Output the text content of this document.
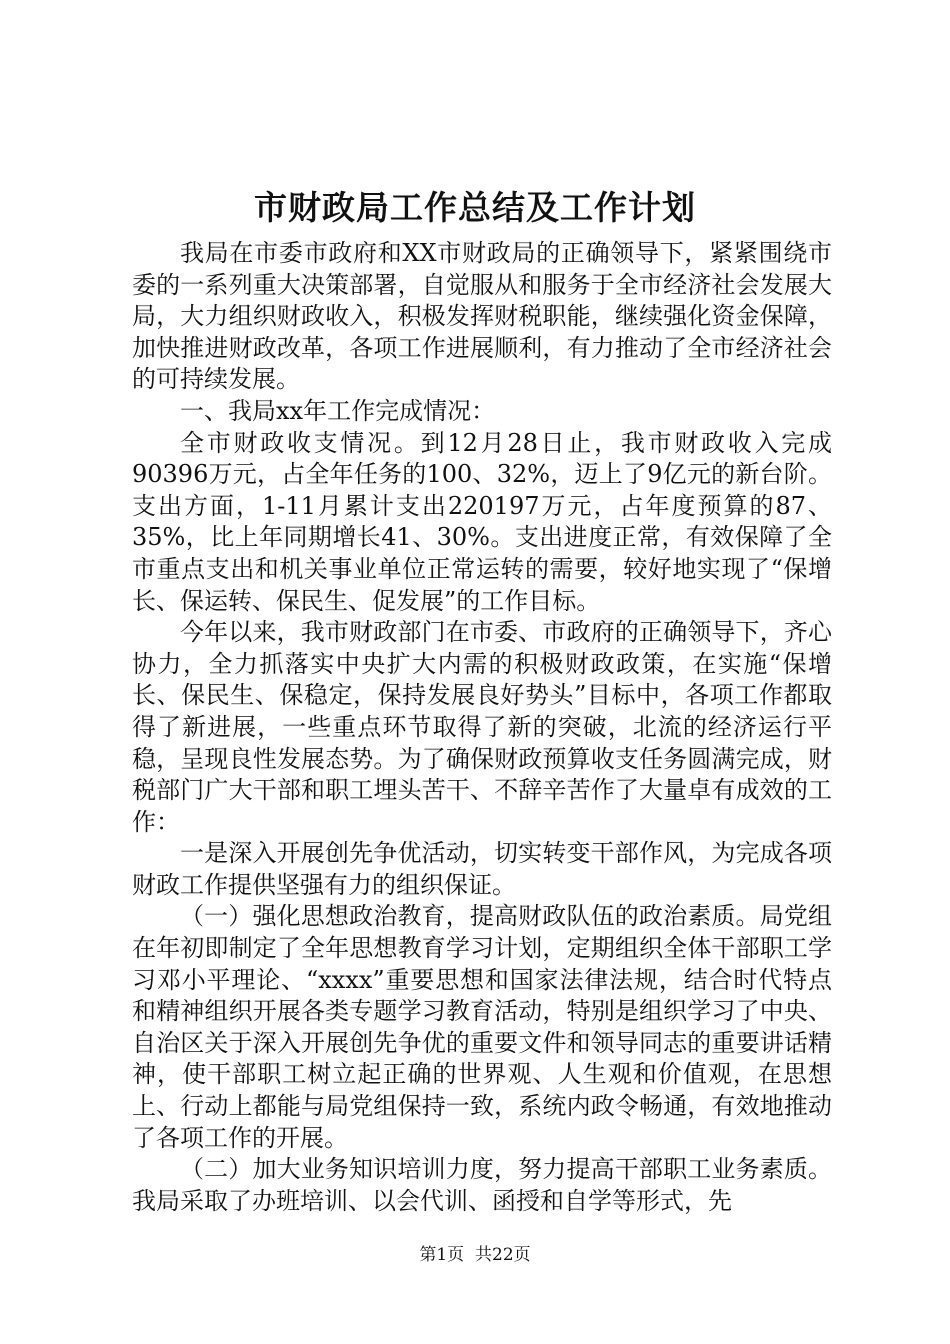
市财政局工作总结及工作计划

我局在市委市政府和XX市财政局的正确领导下，紧紧围绕市委的一系列重大决策部署，自觉服从和服务于全市经济社会发展大局，大力组织财政收入，积极发挥财税职能，继续强化资金保障，加快推进财政改革，各项工作进展顺利，有力推动了全市经济社会的可持续发展。

一、我局xx年工作完成情况：

全市财政收支情况。到12月28日止，我市财政收入完成90396万元，占全年任务的100、32%，迈上了9亿元的新台阶。支出方面，1-11月累计支出220197万元，占年度预算的87、35%，比上年同期增长41、30%。支出进度正常，有效保障了全市重点支出和机关事业单位正常运转的需要，较好地实现了“保增长、保运转、保民生、促发展”的工作目标。

今年以来，我市财政部门在市委、市政府的正确领导下，齐心协力，全力抓落实中央扩大内需的积极财政政策，在实施“保增长、保民生、保稳定，保持发展良好势头”目标中，各项工作都取得了新进展，一些重点环节取得了新的突破，北流的经济运行平稳，呈现良性发展态势。为了确保财政预算收支任务圆满完成，财税部门广大干部和职工埋头苦干、不辞辛苦作了大量卓有成效的工作：

一是深入开展创先争优活动，切实转变干部作风，为完成各项财政工作提供坚强有力的组织保证。

（一）强化思想政治教育，提高财政队伍的政治素质。局党组在年初即制定了全年思想教育学习计划，定期组织全体干部职工学习邓小平理论、“xxxx”重要思想和国家法律法规，结合时代特点和精神组织开展各类专题学习教育活动，特别是组织学习了中央、自治区关于深入开展创先争优的重要文件和领导同志的重要讲话精神，使干部职工树立起正确的世界观、人生观和价值观，在思想上、行动上都能与局党组保持一致，系统内政令畅通，有效地推动了各项工作的开展。

（二）加大业务知识培训力度，努力提高干部职工业务素质。我局采取了办班培训、以会代训、函授和自学等形式，先

第1页 共22页
